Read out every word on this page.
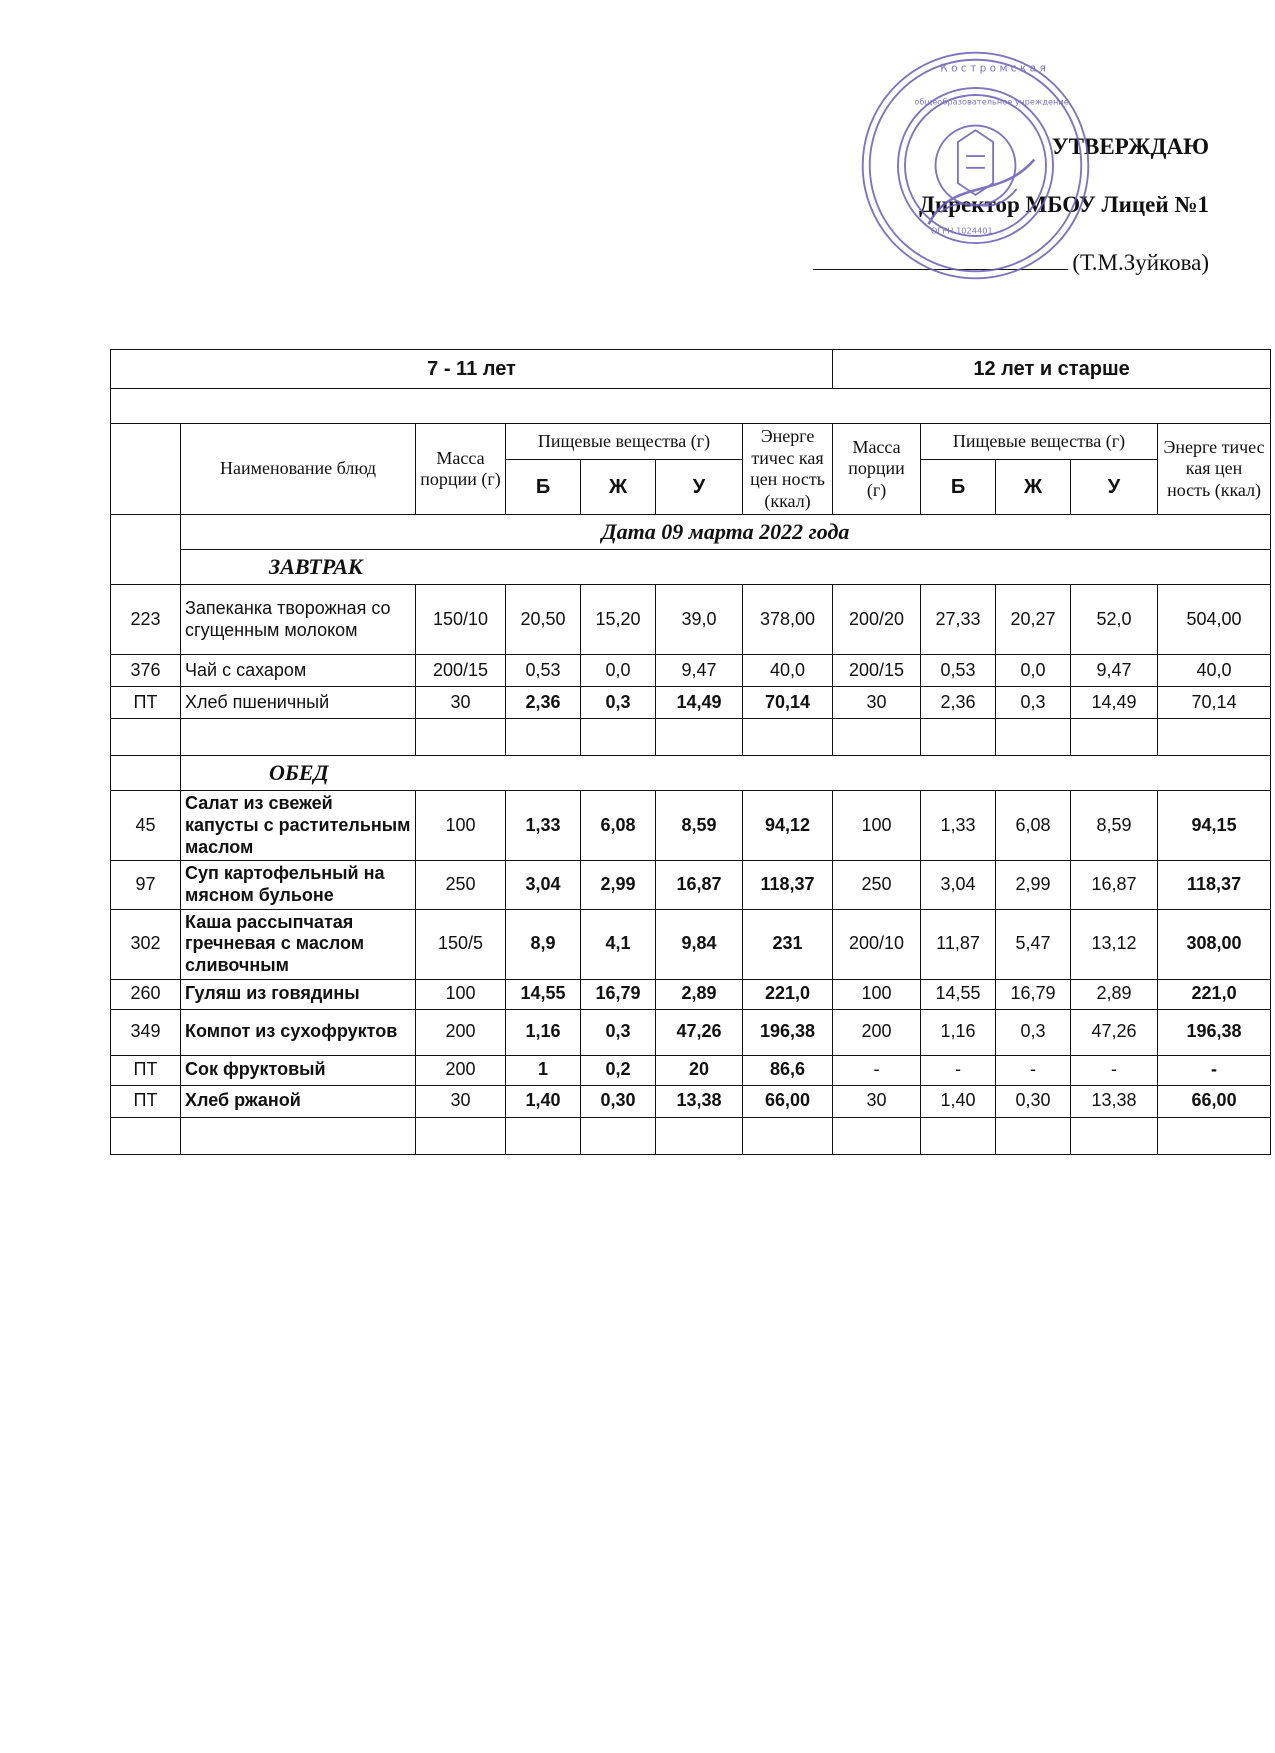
УТВЕРЖДАЮ
Директор МБОУ Лицей №1
(Т.М.Зуйкова)
К о с т р о м с к а я
общеобразовательное учреждение
ОГРН 1024401
7 - 11 лет							12 лет и старше				

	Наименование блюд	Масса порции (г)	Пищевые вещества (г)			Энерге тичес кая цен ность (ккал)	Масса порции (г)	Пищевые вещества (г)			Энерге тичес кая цен ность (ккал)
			Б	Ж	У			Б	Ж	У	
	Дата 09 марта 2022 года										
	ЗАВТРАК										
223	Запеканка творожная со сгущенным молоком	150/10	20,50	15,20	39,0	378,00	200/20	27,33	20,27	52,0	504,00
376	Чай с сахаром	200/15	0,53	0,0	9,47	40,0	200/15	0,53	0,0	9,47	40,0
ПТ	Хлеб пшеничный	30	2,36	0,3	14,49	70,14	30	2,36	0,3	14,49	70,14

	ОБЕД										
45	Салат из свежей капусты с растительным маслом	100	1,33	6,08	8,59	94,12	100	1,33	6,08	8,59	94,15
97	Суп картофельный на мясном бульоне	250	3,04	2,99	16,87	118,37	250	3,04	2,99	16,87	118,37
302	Каша рассыпчатая гречневая с маслом сливочным	150/5	8,9	4,1	9,84	231	200/10	11,87	5,47	13,12	308,00
260	Гуляш из говядины	100	14,55	16,79	2,89	221,0	100	14,55	16,79	2,89	221,0
349	Компот из сухофруктов	200	1,16	0,3	47,26	196,38	200	1,16	0,3	47,26	196,38
ПТ	Сок фруктовый	200	1	0,2	20	86,6	-	-	-	-	-
ПТ	Хлеб ржаной	30	1,40	0,30	13,38	66,00	30	1,40	0,30	13,38	66,00
